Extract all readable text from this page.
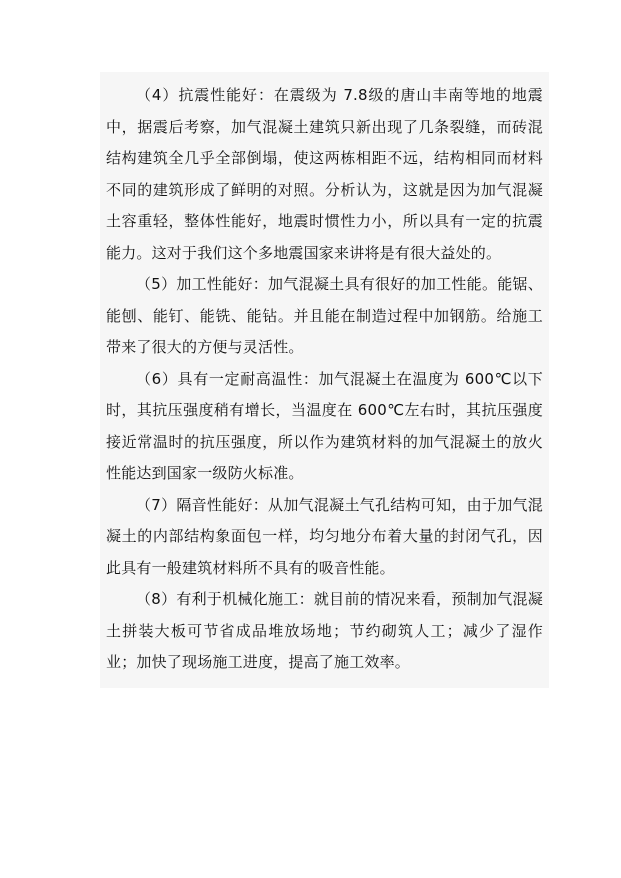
（4）抗震性能好：在震级为 7.8级的唐山丰南等地的地震中，据震后考察，加气混凝土建筑只新出现了几条裂缝，而砖混结构建筑全几乎全部倒塌，使这两栋相距不远，结构相同而材料不同的建筑形成了鲜明的对照。分析认为，这就是因为加气混凝土容重轻，整体性能好，地震时惯性力小，所以具有一定的抗震能力。这对于我们这个多地震国家来讲将是有很大益处的。

（5）加工性能好：加气混凝土具有很好的加工性能。能锯、能刨、能钉、能铣、能钻。并且能在制造过程中加钢筋。给施工带来了很大的方便与灵活性。

（6）具有一定耐高温性：加气混凝土在温度为 600℃以下时，其抗压强度稍有增长，当温度在 600℃左右时，其抗压强度接近常温时的抗压强度，所以作为建筑材料的加气混凝土的放火性能达到国家一级防火标准。

（7）隔音性能好：从加气混凝土气孔结构可知，由于加气混凝土的内部结构象面包一样，均匀地分布着大量的封闭气孔，因此具有一般建筑材料所不具有的吸音性能。

（8）有利于机械化施工：就目前的情况来看，预制加气混凝土拼装大板可节省成品堆放场地；节约砌筑人工；减少了湿作业；加快了现场施工进度，提高了施工效率。
